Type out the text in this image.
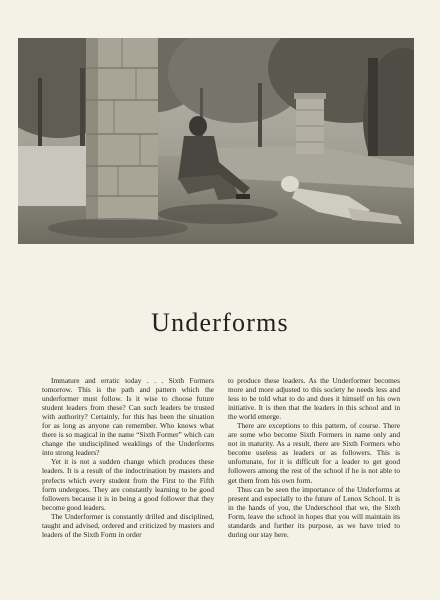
Underforms

Immature and erratic today . . . Sixth Formers tomorrow. This is the path and pattern which the underformer must follow. Is it wise to choose future student leaders from these? Can such leaders be trusted with authority? Certainly, for this has been the situation for as long as anyone can remember. Who knows what there is so magical in the name “Sixth Former” which can change the undisciplined weaklings of the Underforms into strong leaders?

Yet it is not a sudden change which produces these leaders. It is a result of the indoctrination by masters and prefects which every student from the First to the Fifth form undergoes. They are constantly learning to be good followers because it is in being a good follower that they become good leaders.

The Underformer is constantly drilled and disciplined, taught and advised, ordered and criticized by masters and leaders of the Sixth Form in order

to produce these leaders. As the Underformer becomes more and more adjusted to this society he needs less and less to be told what to do and does it himself on his own initiative. It is then that the leaders in this school and in the world emerge.

There are exceptions to this pattern, of course. There are some who become Sixth Formers in name only and not in maturity. As a result, there are Sixth Formers who become useless as leaders or as followers. This is unfortunate, for it is difficult for a leader to get good followers among the rest of the school if he is not able to get them from his own form.

Thus can be seen the importance of the Underforms at present and especially to the future of Lenox School. It is in the hands of you, the Underschool that we, the Sixth Form, leave the school in hopes that you will maintain its standards and further its purpose, as we have tried to during our stay here.
